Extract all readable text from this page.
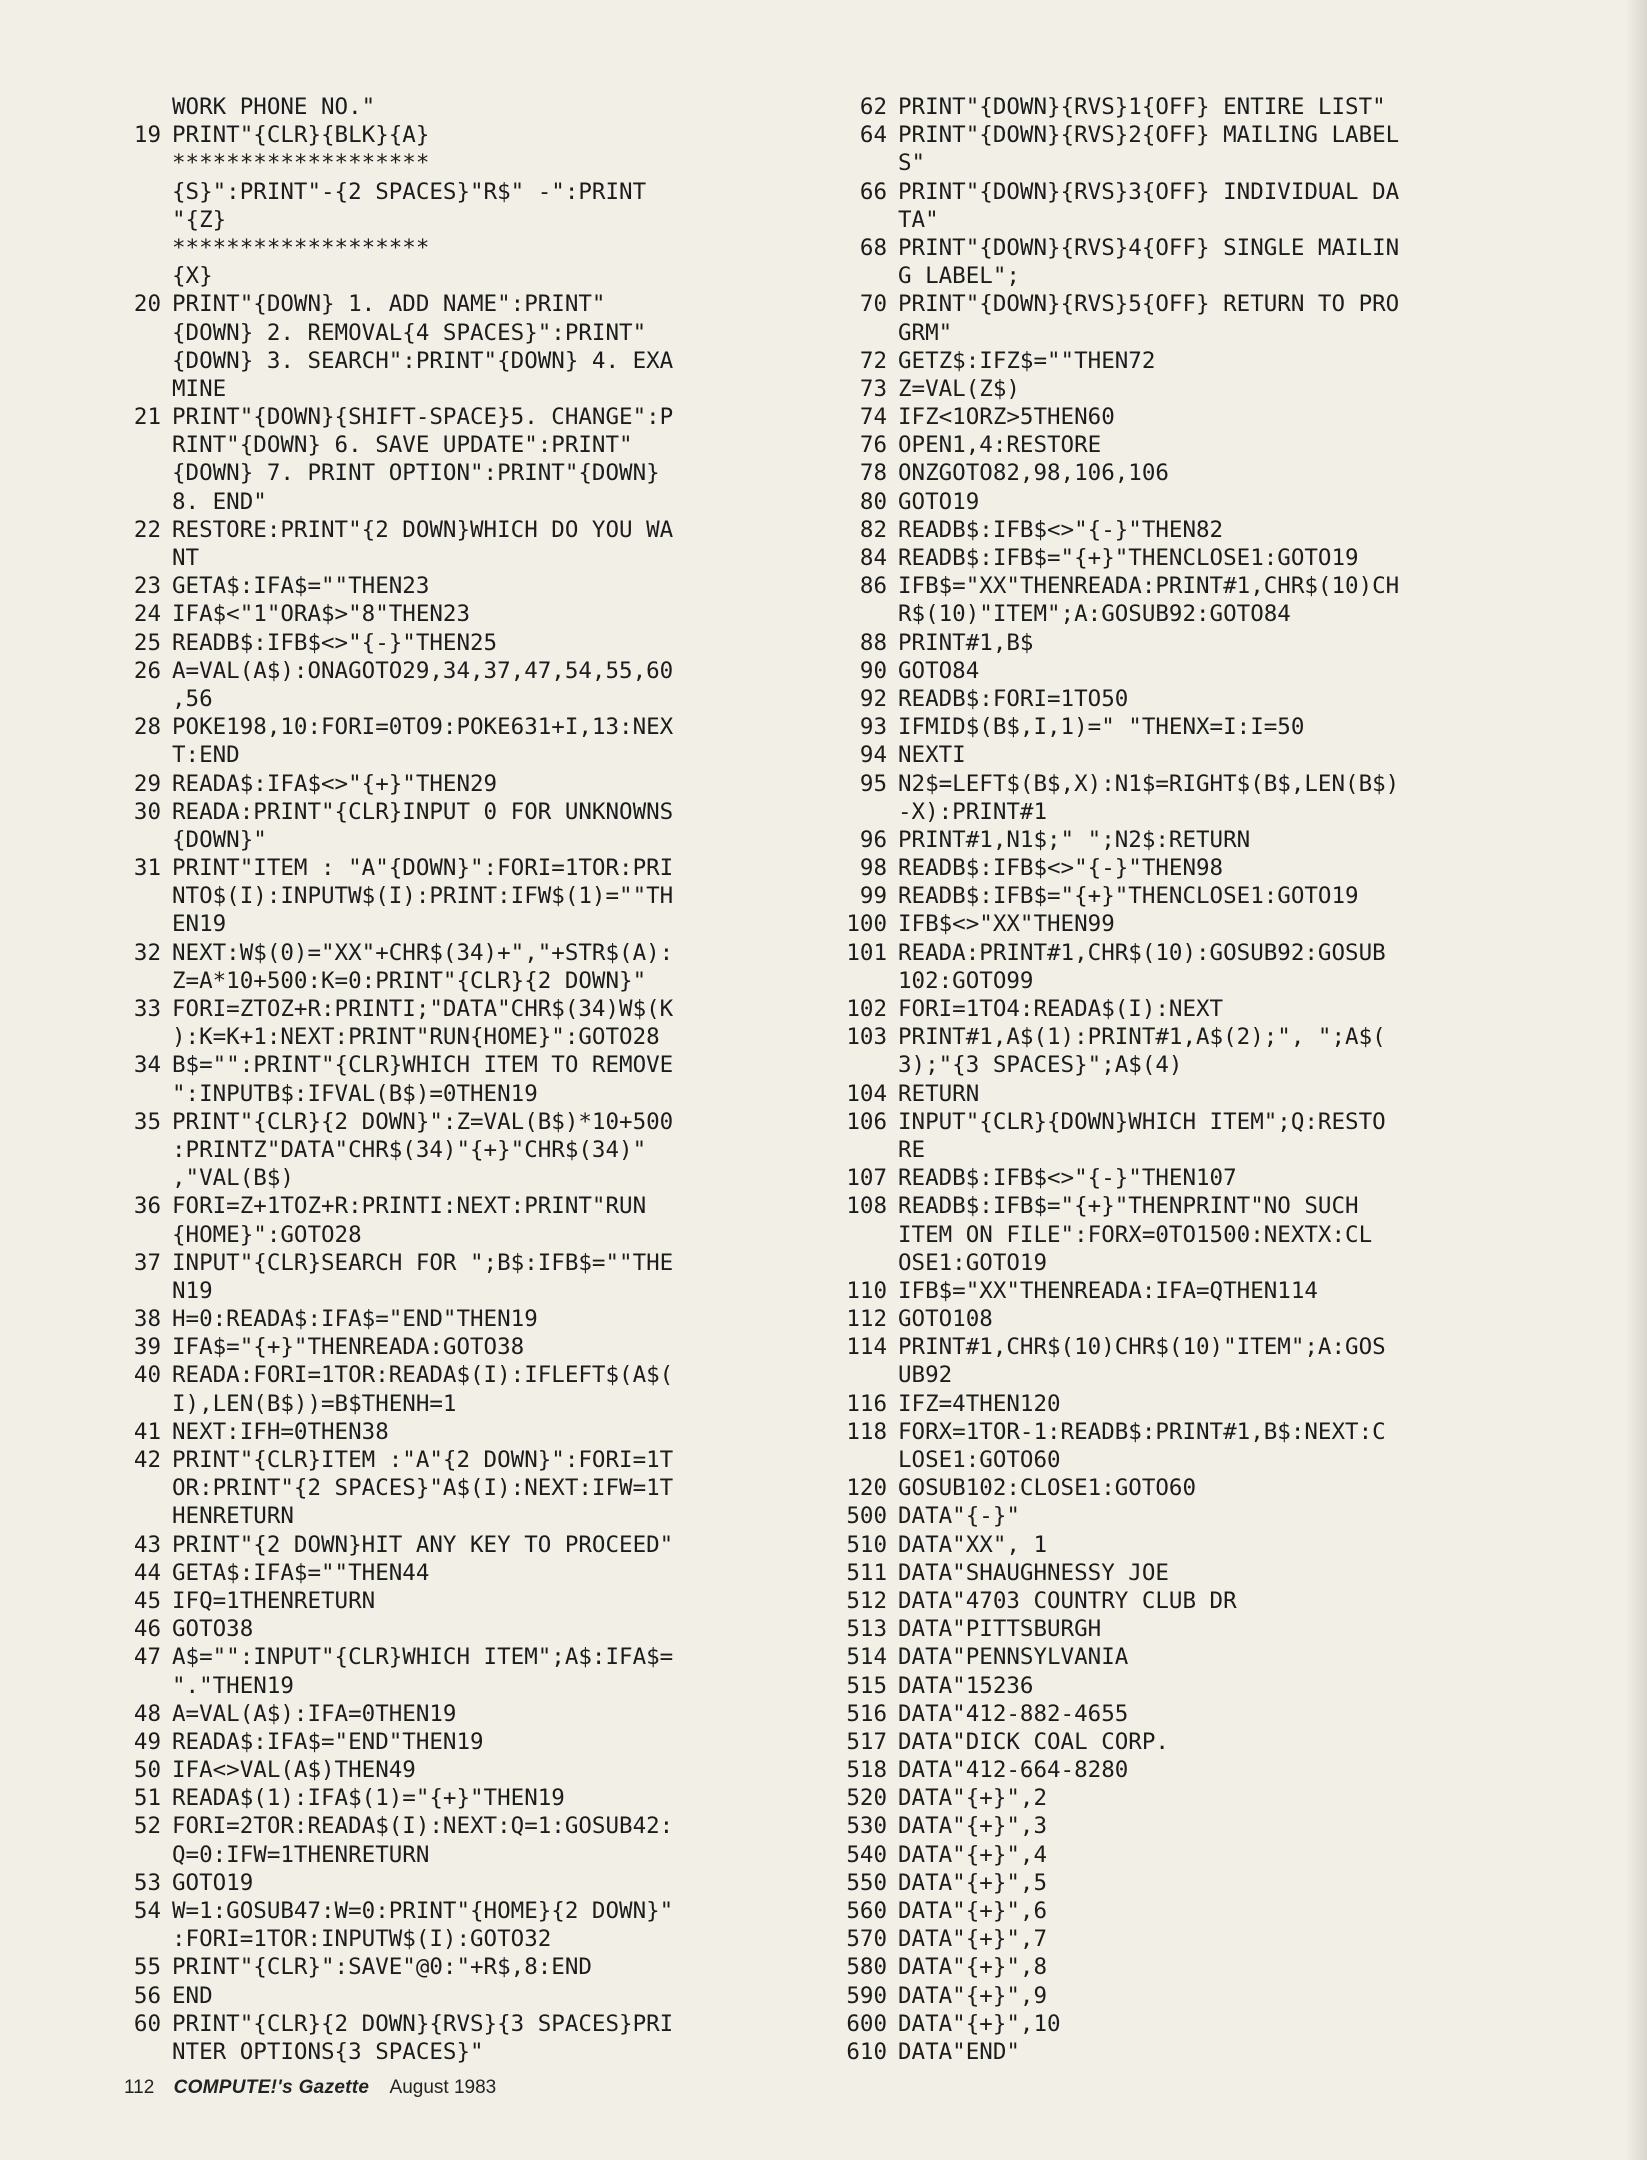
WORK PHONE NO."
19 PRINT"{CLR}{BLK}{A}
*******************
{S}":PRINT"-{2 SPACES}"R$" -":PRINT
"{Z}
*******************
{X}
20 PRINT"{DOWN} 1. ADD NAME":PRINT"
{DOWN} 2. REMOVAL{4 SPACES}":PRINT"
{DOWN} 3. SEARCH":PRINT"{DOWN} 4. EXA
MINE
21 PRINT"{DOWN}{SHIFT-SPACE}5. CHANGE":P
RINT"{DOWN} 6. SAVE UPDATE":PRINT"
{DOWN} 7. PRINT OPTION":PRINT"{DOWN}
8. END"
22 RESTORE:PRINT"{2 DOWN}WHICH DO YOU WA
NT
23 GETA$:IFA$=""THEN23
24 IFA$<"1"ORA$>"8"THEN23
25 READB$:IFB$<>"{-}"THEN25
26 A=VAL(A$):ONAGOTO29,34,37,47,54,55,60
,56
28 POKE198,10:FORI=0TO9:POKE631+I,13:NEX
T:END
29 READA$:IFA$<>"{+}"THEN29
30 READA:PRINT"{CLR}INPUT 0 FOR UNKNOWNS
{DOWN}"
31 PRINT"ITEM : "A"{DOWN}":FORI=1TOR:PRI
NTO$(I):INPUTW$(I):PRINT:IFW$(1)=""TH
EN19
32 NEXT:W$(0)="XX"+CHR$(34)+","+STR$(A):
Z=A*10+500:K=0:PRINT"{CLR}{2 DOWN}"
33 FORI=ZTOZ+R:PRINTI;"DATA"CHR$(34)W$(K
):K=K+1:NEXT:PRINT"RUN{HOME}":GOTO28
34 B$="":PRINT"{CLR}WHICH ITEM TO REMOVE
":INPUTB$:IFVAL(B$)=0THEN19
35 PRINT"{CLR}{2 DOWN}":Z=VAL(B$)*10+500
:PRINTZ"DATA"CHR$(34)"{+}"CHR$(34)"
,"VAL(B$)
36 FORI=Z+1TOZ+R:PRINTI:NEXT:PRINT"RUN
{HOME}":GOTO28
37 INPUT"{CLR}SEARCH FOR ";B$:IFB$=""THE
N19
38 H=0:READA$:IFA$="END"THEN19
39 IFA$="{+}"THENREADA:GOTO38
40 READA:FORI=1TOR:READA$(I):IFLEFT$(A$(
I),LEN(B$))=B$THENH=1
41 NEXT:IFH=0THEN38
42 PRINT"{CLR}ITEM :"A"{2 DOWN}":FORI=1T
OR:PRINT"{2 SPACES}"A$(I):NEXT:IFW=1T
HENRETURN
43 PRINT"{2 DOWN}HIT ANY KEY TO PROCEED"
44 GETA$:IFA$=""THEN44
45 IFQ=1THENRETURN
46 GOTO38
47 A$="":INPUT"{CLR}WHICH ITEM";A$:IFA$=
"."THEN19
48 A=VAL(A$):IFA=0THEN19
49 READA$:IFA$="END"THEN19
50 IFA<>VAL(A$)THEN49
51 READA$(1):IFA$(1)="{+}"THEN19
52 FORI=2TOR:READA$(I):NEXT:Q=1:GOSUB42:
Q=0:IFW=1THENRETURN
53 GOTO19
54 W=1:GOSUB47:W=0:PRINT"{HOME}{2 DOWN}"
:FORI=1TOR:INPUTW$(I):GOTO32
55 PRINT"{CLR}":SAVE"@0:"+R$,8:END
56 END
60 PRINT"{CLR}{2 DOWN}{RVS}{3 SPACES}PRI
NTER OPTIONS{3 SPACES}"
62 PRINT"{DOWN}{RVS}1{OFF} ENTIRE LIST"
64 PRINT"{DOWN}{RVS}2{OFF} MAILING LABEL
S"
66 PRINT"{DOWN}{RVS}3{OFF} INDIVIDUAL DA
TA"
68 PRINT"{DOWN}{RVS}4{OFF} SINGLE MAILIN
G LABEL";
70 PRINT"{DOWN}{RVS}5{OFF} RETURN TO PRO
GRM"
72 GETZ$:IFZ$=""THEN72
73 Z=VAL(Z$)
74 IFZ<1ORZ>5THEN60
76 OPEN1,4:RESTORE
78 ONZGOTO82,98,106,106
80 GOTO19
82 READB$:IFB$<>"{-}"THEN82
84 READB$:IFB$="{+}"THENCLOSE1:GOTO19
86 IFB$="XX"THENREADA:PRINT#1,CHR$(10)CH
R$(10)"ITEM";A:GOSUB92:GOTO84
88 PRINT#1,B$
90 GOTO84
92 READB$:FORI=1TO50
93 IFMID$(B$,I,1)=" "THENX=I:I=50
94 NEXTI
95 N2$=LEFT$(B$,X):N1$=RIGHT$(B$,LEN(B$)
-X):PRINT#1
96 PRINT#1,N1$;" ";N2$:RETURN
98 READB$:IFB$<>"{-}"THEN98
99 READB$:IFB$="{+}"THENCLOSE1:GOTO19
100 IFB$<>"XX"THEN99
101 READA:PRINT#1,CHR$(10):GOSUB92:GOSUB
102:GOTO99
102 FORI=1TO4:READA$(I):NEXT
103 PRINT#1,A$(1):PRINT#1,A$(2);", ";A$(
3);"{3 SPACES}";A$(4)
104 RETURN
106 INPUT"{CLR}{DOWN}WHICH ITEM";Q:RESTO
RE
107 READB$:IFB$<>"{-}"THEN107
108 READB$:IFB$="{+}"THENPRINT"NO SUCH
ITEM ON FILE":FORX=0TO1500:NEXTX:CL
OSE1:GOTO19
110 IFB$="XX"THENREADA:IFA=QTHEN114
112 GOTO108
114 PRINT#1,CHR$(10)CHR$(10)"ITEM";A:GOS
UB92
116 IFZ=4THEN120
118 FORX=1TOR-1:READB$:PRINT#1,B$:NEXT:C
LOSE1:GOTO60
120 GOSUB102:CLOSE1:GOTO60
500 DATA"{-}"
510 DATA"XX", 1
511 DATA"SHAUGHNESSY JOE
512 DATA"4703 COUNTRY CLUB DR
513 DATA"PITTSBURGH
514 DATA"PENNSYLVANIA
515 DATA"15236
516 DATA"412-882-4655
517 DATA"DICK COAL CORP.
518 DATA"412-664-8280
520 DATA"{+}",2
530 DATA"{+}",3
540 DATA"{+}",4
550 DATA"{+}",5
560 DATA"{+}",6
570 DATA"{+}",7
580 DATA"{+}",8
590 DATA"{+}",9
600 DATA"{+}",10
610 DATA"END"
112 COMPUTE!'s Gazette August 1983
